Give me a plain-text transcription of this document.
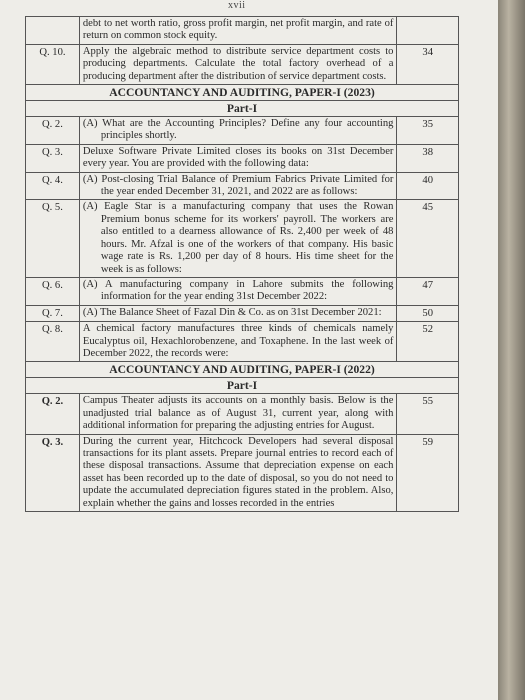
xvii
	debt to net worth ratio, gross profit margin, net profit margin, and rate of return on common stock equity.	
Q. 10.	Apply the algebraic method to distribute service department costs to producing departments. Calculate the total factory overhead of a producing department after the distribution of service department costs.	34
ACCOUNTANCY AND AUDITING, PAPER-I (2023)		
Part-I		
Q. 2.	(A) What are the Accounting Principles? Define any four accounting principles shortly.	35
Q. 3.	Deluxe Software Private Limited closes its books on 31st December every year. You are provided with the following data:	38
Q. 4.	(A) Post-closing Trial Balance of Premium Fabrics Private Limited for the year ended December 31, 2021, and 2022 are as follows:	40
Q. 5.	(A) Eagle Star is a manufacturing company that uses the Rowan Premium bonus scheme for its workers' payroll. The workers are also entitled to a dearness allowance of Rs. 2,400 per week of 48 hours. Mr. Afzal is one of the workers of that company. His basic wage rate is Rs. 1,200 per day of 8 hours. His time sheet for the week is as follows:	45
Q. 6.	(A) A manufacturing company in Lahore submits the following information for the year ending 31st December 2022:	47
Q. 7.	(A) The Balance Sheet of Fazal Din & Co. as on 31st December 2021:	50
Q. 8.	A chemical factory manufactures three kinds of chemicals namely Eucalyptus oil, Hexachlorobenzene, and Toxaphene. In the last week of December 2022, the records were:	52
ACCOUNTANCY AND AUDITING, PAPER-I (2022)		
Part-I		
Q. 2.	Campus Theater adjusts its accounts on a monthly basis. Below is the unadjusted trial balance as of August 31, current year, along with additional information for preparing the adjusting entries for August.	55
Q. 3.	During the current year, Hitchcock Developers had several disposal transactions for its plant assets. Prepare journal entries to record each of these disposal transactions. Assume that depreciation expense on each asset has been recorded up to the date of disposal, so you do not need to update the accumulated depreciation figures stated in the problem. Also, explain whether the gains and losses recorded in the entries	59
